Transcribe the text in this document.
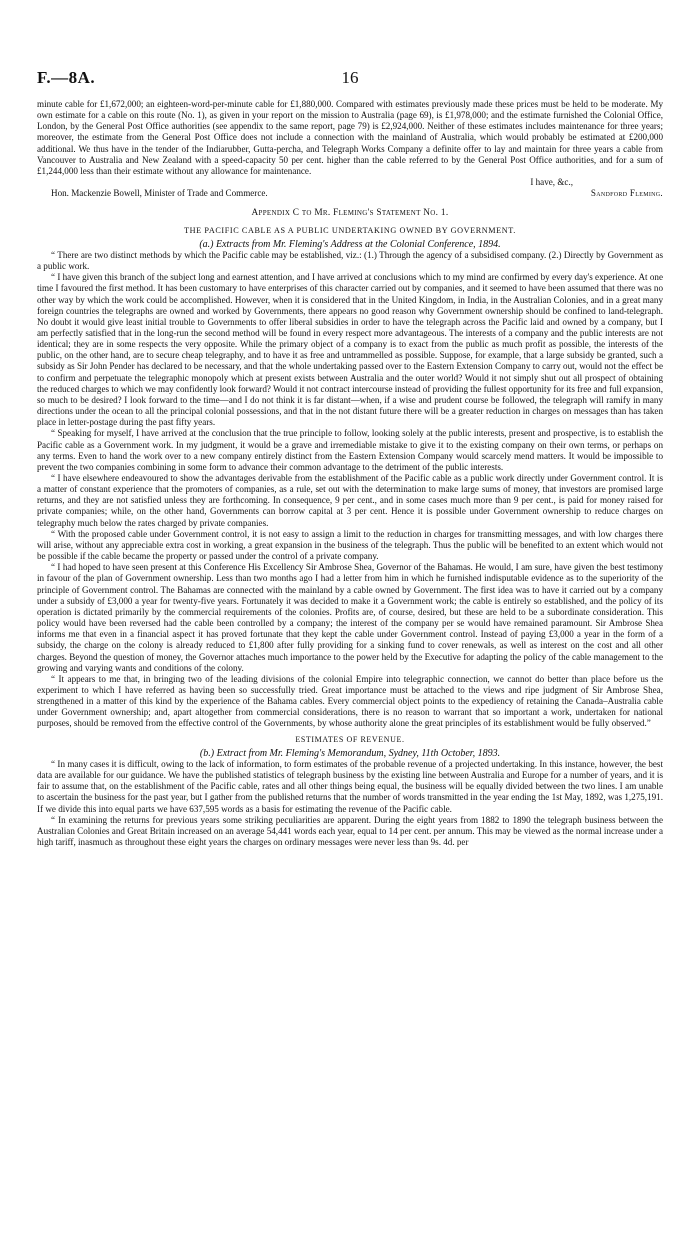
F.—8A.	16

minute cable for £1,672,000; an eighteen-word-per-minute cable for £1,880,000. Compared with estimates previously made these prices must be held to be moderate. My own estimate for a cable on this route (No. 1), as given in your report on the mission to Australia (page 69), is £1,978,000; and the estimate furnished the Colonial Office, London, by the General Post Office authorities (see appendix to the same report, page 79) is £2,924,000. Neither of these estimates includes maintenance for three years; moreover, the estimate from the General Post Office does not include a connection with the mainland of Australia, which would probably be estimated at £200,000 additional. We thus have in the tender of the Indiarubber, Gutta-percha, and Telegraph Works Company a definite offer to lay and maintain for three years a cable from Vancouver to Australia and New Zealand with a speed-capacity 50 per cent. higher than the cable referred to by the General Post Office authorities, and for a sum of £1,244,000 less than their estimate without any allowance for maintenance.

I have, &c.,
Hon. Mackenzie Bowell, Minister of Trade and Commerce.	Sandford Fleming.

Appendix C to Mr. Fleming's Statement No. 1.

THE PACIFIC CABLE AS A PUBLIC UNDERTAKING OWNED BY GOVERNMENT.

(a.) Extracts from Mr. Fleming's Address at the Colonial Conference, 1894.

“ There are two distinct methods by which the Pacific cable may be established, viz.: (1.) Through the agency of a subsidised company. (2.) Directly by Government as a public work.

“ I have given this branch of the subject long and earnest attention, and I have arrived at conclusions which to my mind are confirmed by every day's experience. At one time I favoured the first method. It has been customary to have enterprises of this character carried out by companies, and it seemed to have been assumed that there was no other way by which the work could be accomplished. However, when it is considered that in the United Kingdom, in India, in the Australian Colonies, and in a great many foreign countries the telegraphs are owned and worked by Governments, there appears no good reason why Government ownership should be confined to land-telegraph. No doubt it would give least initial trouble to Governments to offer liberal subsidies in order to have the telegraph across the Pacific laid and owned by a company, but I am perfectly satisfied that in the long-run the second method will be found in every respect more advantageous. The interests of a company and the public interests are not identical; they are in some respects the very opposite. While the primary object of a company is to exact from the public as much profit as possible, the interests of the public, on the other hand, are to secure cheap telegraphy, and to have it as free and untrammelled as possible. Suppose, for example, that a large subsidy be granted, such a subsidy as Sir John Pender has declared to be necessary, and that the whole undertaking passed over to the Eastern Extension Company to carry out, would not the effect be to confirm and perpetuate the telegraphic monopoly which at present exists between Australia and the outer world? Would it not simply shut out all prospect of obtaining the reduced charges to which we may confidently look forward? Would it not contract intercourse instead of providing the fullest opportunity for its free and full expansion, so much to be desired? I look forward to the time—and I do not think it is far distant—when, if a wise and prudent course be followed, the telegraph will ramify in many directions under the ocean to all the principal colonial possessions, and that in the not distant future there will be a greater reduction in charges on messages than has taken place in letter-postage during the past fifty years.

“ Speaking for myself, I have arrived at the conclusion that the true principle to follow, looking solely at the public interests, present and prospective, is to establish the Pacific cable as a Government work. In my judgment, it would be a grave and irremediable mistake to give it to the existing company on their own terms, or perhaps on any terms. Even to hand the work over to a new company entirely distinct from the Eastern Extension Company would scarcely mend matters. It would be impossible to prevent the two companies combining in some form to advance their common advantage to the detriment of the public interests.

“ I have elsewhere endeavoured to show the advantages derivable from the establishment of the Pacific cable as a public work directly under Government control. It is a matter of constant experience that the promoters of companies, as a rule, set out with the determination to make large sums of money, that investors are promised large returns, and they are not satisfied unless they are forthcoming. In consequence, 9 per cent., and in some cases much more than 9 per cent., is paid for money raised for private companies; while, on the other hand, Governments can borrow capital at 3 per cent. Hence it is possible under Government ownership to reduce charges on telegraphy much below the rates charged by private companies.

“ With the proposed cable under Government control, it is not easy to assign a limit to the reduction in charges for transmitting messages, and with low charges there will arise, without any appreciable extra cost in working, a great expansion in the business of the telegraph. Thus the public will be benefited to an extent which would not be possible if the cable became the property or passed under the control of a private company.

“ I had hoped to have seen present at this Conference His Excellency Sir Ambrose Shea, Governor of the Bahamas. He would, I am sure, have given the best testimony in favour of the plan of Government ownership. Less than two months ago I had a letter from him in which he furnished indisputable evidence as to the superiority of the principle of Government control. The Bahamas are connected with the mainland by a cable owned by Government. The first idea was to have it carried out by a company under a subsidy of £3,000 a year for twenty-five years. Fortunately it was decided to make it a Government work; the cable is entirely so established, and the policy of its operation is dictated primarily by the commercial requirements of the colonies. Profits are, of course, desired, but these are held to be a subordinate consideration. This policy would have been reversed had the cable been controlled by a company; the interest of the company per se would have remained paramount. Sir Ambrose Shea informs me that even in a financial aspect it has proved fortunate that they kept the cable under Government control. Instead of paying £3,000 a year in the form of a subsidy, the charge on the colony is already reduced to £1,800 after fully providing for a sinking fund to cover renewals, as well as interest on the cost and all other charges. Beyond the question of money, the Governor attaches much importance to the power held by the Executive for adapting the policy of the cable management to the growing and varying wants and conditions of the colony.

“ It appears to me that, in bringing two of the leading divisions of the colonial Empire into telegraphic connection, we cannot do better than place before us the experiment to which I have referred as having been so successfully tried. Great importance must be attached to the views and ripe judgment of Sir Ambrose Shea, strengthened in a matter of this kind by the experience of the Bahama cables. Every commercial object points to the expediency of retaining the Canada–Australia cable under Government ownership; and, apart altogether from commercial considerations, there is no reason to warrant that so important a work, undertaken for national purposes, should be removed from the effective control of the Governments, by whose authority alone the great principles of its establishment would be fully observed.”

ESTIMATES OF REVENUE.

(b.) Extract from Mr. Fleming's Memorandum, Sydney, 11th October, 1893.

“ In many cases it is difficult, owing to the lack of information, to form estimates of the probable revenue of a projected undertaking. In this instance, however, the best data are available for our guidance. We have the published statistics of telegraph business by the existing line between Australia and Europe for a number of years, and it is fair to assume that, on the establishment of the Pacific cable, rates and all other things being equal, the business will be equally divided between the two lines. I am unable to ascertain the business for the past year, but I gather from the published returns that the number of words transmitted in the year ending the 1st May, 1892, was 1,275,191. If we divide this into equal parts we have 637,595 words as a basis for estimating the revenue of the Pacific cable.

“ In examining the returns for previous years some striking peculiarities are apparent. During the eight years from 1882 to 1890 the telegraph business between the Australian Colonies and Great Britain increased on an average 54,441 words each year, equal to 14 per cent. per annum. This may be viewed as the normal increase under a high tariff, inasmuch as throughout these eight years the charges on ordinary messages were never less than 9s. 4d. per
